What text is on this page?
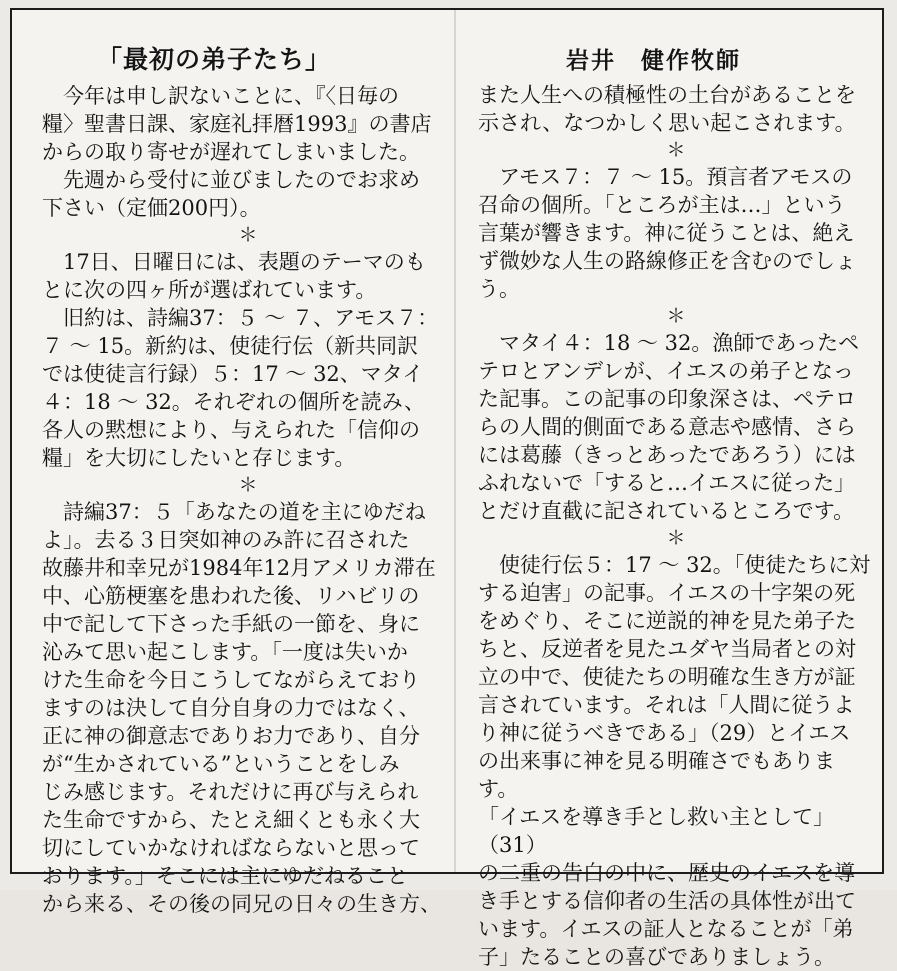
「最初の弟子たち」

　今年は申し訳ないことに、『〈日毎の
糧〉聖書日課、家庭礼拝暦1993』の書店
からの取り寄せが遅れてしまいました。
　先週から受付に並びましたのでお求め
下さい（定価200円）。

＊

　17日、日曜日には、表題のテーマのも
とに次の四ヶ所が選ばれています。
　旧約は、詩編37：５ 〜 ７、アモス７：
７ 〜 15。新約は、使徒行伝（新共同訳
では使徒言行録）５：17 〜 32、マタイ
４：18 〜 32。それぞれの個所を読み、
各人の黙想により、与えられた「信仰の
糧」を大切にしたいと存じます。

＊

　詩編37：５「あなたの道を主にゆだね
よ」。去る３日突如神のみ許に召された
故藤井和幸兄が1984年12月アメリカ滞在
中、心筋梗塞を患われた後、リハビリの
中で記して下さった手紙の一節を、身に
沁みて思い起こします。「一度は失いか
けた生命を今日こうしてながらえており
ますのは決して自分自身の力ではなく、
正に神の御意志でありお力であり、自分
が“生かされている”ということをしみ
じみ感じます。それだけに再び与えられ
た生命ですから、たとえ細くとも永く大
切にしていかなければならないと思って
おります。」そこには主にゆだねること
から来る、その後の同兄の日々の生き方、

岩井　健作牧師

また人生への積極性の土台があることを
示され、なつかしく思い起こされます。

＊

　アモス７：７ 〜 15。預言者アモスの
召命の個所。「ところが主は…」という
言葉が響きます。神に従うことは、絶え
ず微妙な人生の路線修正を含むのでしょ
う。

＊

　マタイ４：18 〜 32。漁師であったペ
テロとアンデレが、イエスの弟子となっ
た記事。この記事の印象深さは、ペテロ
らの人間的側面である意志や感情、さら
には葛藤（きっとあったであろう）には
ふれないで「すると…イエスに従った」
とだけ直截に記されているところです。

＊

　使徒行伝５：17 〜 32。「使徒たちに対
する迫害」の記事。イエスの十字架の死
をめぐり、そこに逆説的神を見た弟子た
ちと、反逆者を見たユダヤ当局者との対
立の中で、使徒たちの明確な生き方が証
言されています。それは「人間に従うよ
り神に従うべきである」（29）とイエス
の出来事に神を見る明確さでもあります。
「イエスを導き手とし救い主として」（31）
の二重の告白の中に、歴史のイエスを導
き手とする信仰者の生活の具体性が出て
います。イエスの証人となることが「弟
子」たることの喜びでありましょう。
